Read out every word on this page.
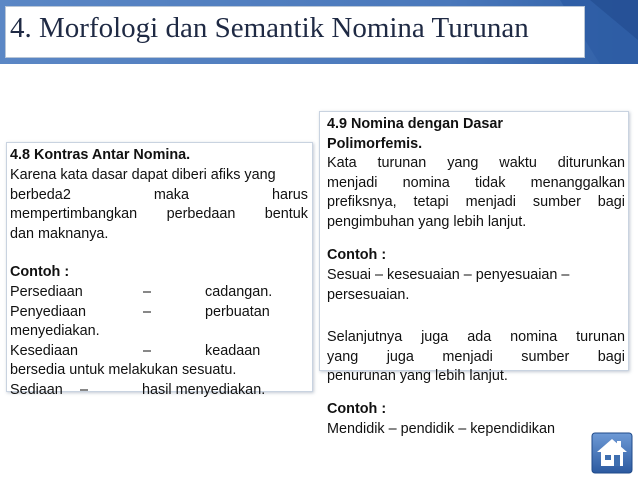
4. Morfologi dan Semantik Nomina Turunan
4.8 Kontras Antar Nomina.
Karena kata dasar dapat diberi afiks yang
berbeda2 maka harus
mempertimbangkan perbedaan bentuk
dan maknanya.
Contoh :
Persediaan	–	cadangan.
Penyediaan	–	perbuatan
menyediakan.
Kesediaan	–	keadaan
bersedia untuk melakukan sesuatu.
Sediaan –	hasil menyediakan.
4.9 Nomina dengan Dasar
Polimorfemis.
Kata turunan yang waktu diturunkan
menjadi nomina tidak menanggalkan
prefiksnya, tetapi menjadi sumber bagi
pengimbuhan yang lebih lanjut.
Contoh :
Sesuai – kesesuaian – penyesuaian –
persesuaian.
Selanjutnya juga ada nomina turunan
yang juga menjadi sumber bagi
penurunan yang lebih lanjut.
Contoh :
Mendidik – pendidik – kependidikan
